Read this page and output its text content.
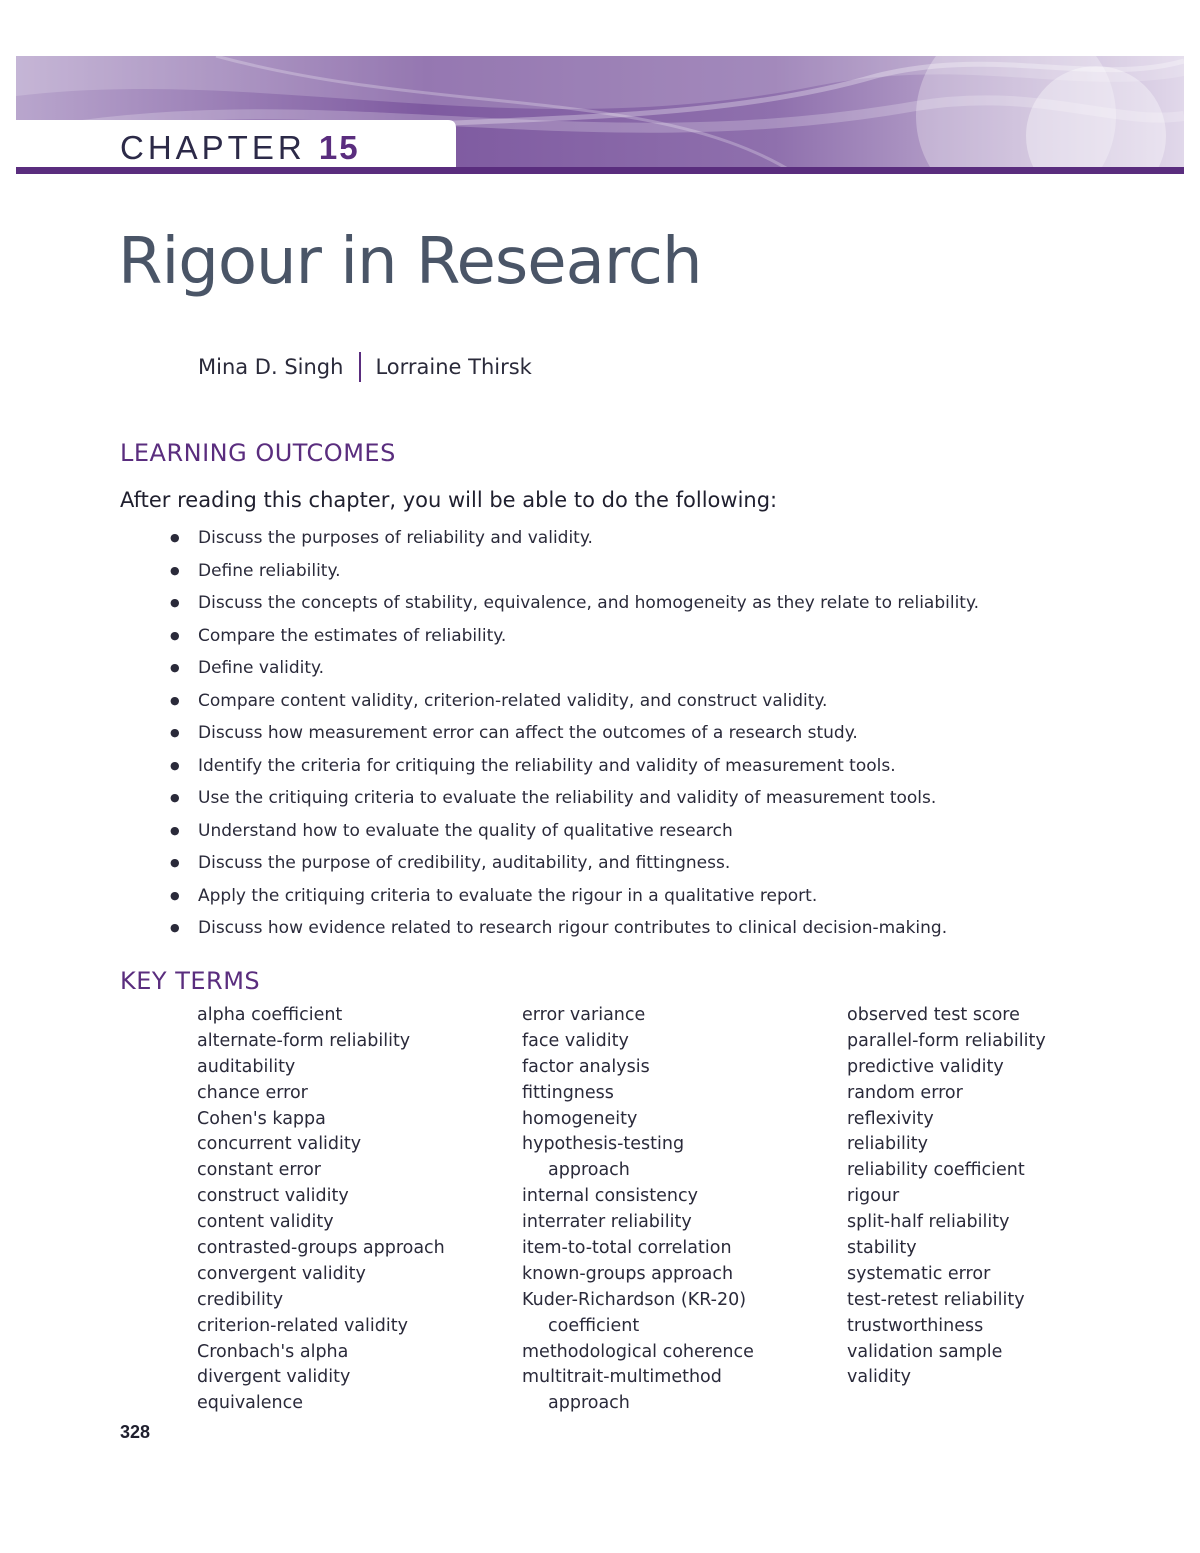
CHAPTER 15
Rigour in Research
Mina D. Singh Lorraine Thirsk
LEARNING OUTCOMES
After reading this chapter, you will be able to do the following:
●	Discuss the purposes of reliability and validity.
●	Define reliability.
●	Discuss the concepts of stability, equivalence, and homogeneity as they relate to reliability.
●	Compare the estimates of reliability.
●	Define validity.
●	Compare content validity, criterion-related validity, and construct validity.
●	Discuss how measurement error can affect the outcomes of a research study.
●	Identify the criteria for critiquing the reliability and validity of measurement tools.
●	Use the critiquing criteria to evaluate the reliability and validity of measurement tools.
●	Understand how to evaluate the quality of qualitative research
●	Discuss the purpose of credibility, auditability, and fittingness.
●	Apply the critiquing criteria to evaluate the rigour in a qualitative report.
●	Discuss how evidence related to research rigour contributes to clinical decision-making.
KEY TERMS
alpha coefficient
alternate-form reliability
auditability
chance error
Cohen's kappa
concurrent validity
constant error
construct validity
content validity
contrasted-groups approach
convergent validity
credibility
criterion-related validity
Cronbach's alpha
divergent validity
equivalence
error variance
face validity
factor analysis
fittingness
homogeneity
hypothesis-testing
approach
internal consistency
interrater reliability
item-to-total correlation
known-groups approach
Kuder-Richardson (KR-20)
coefficient
methodological coherence
multitrait-multimethod
approach
observed test score
parallel-form reliability
predictive validity
random error
reflexivity
reliability
reliability coefficient
rigour
split-half reliability
stability
systematic error
test-retest reliability
trustworthiness
validation sample
validity
328
